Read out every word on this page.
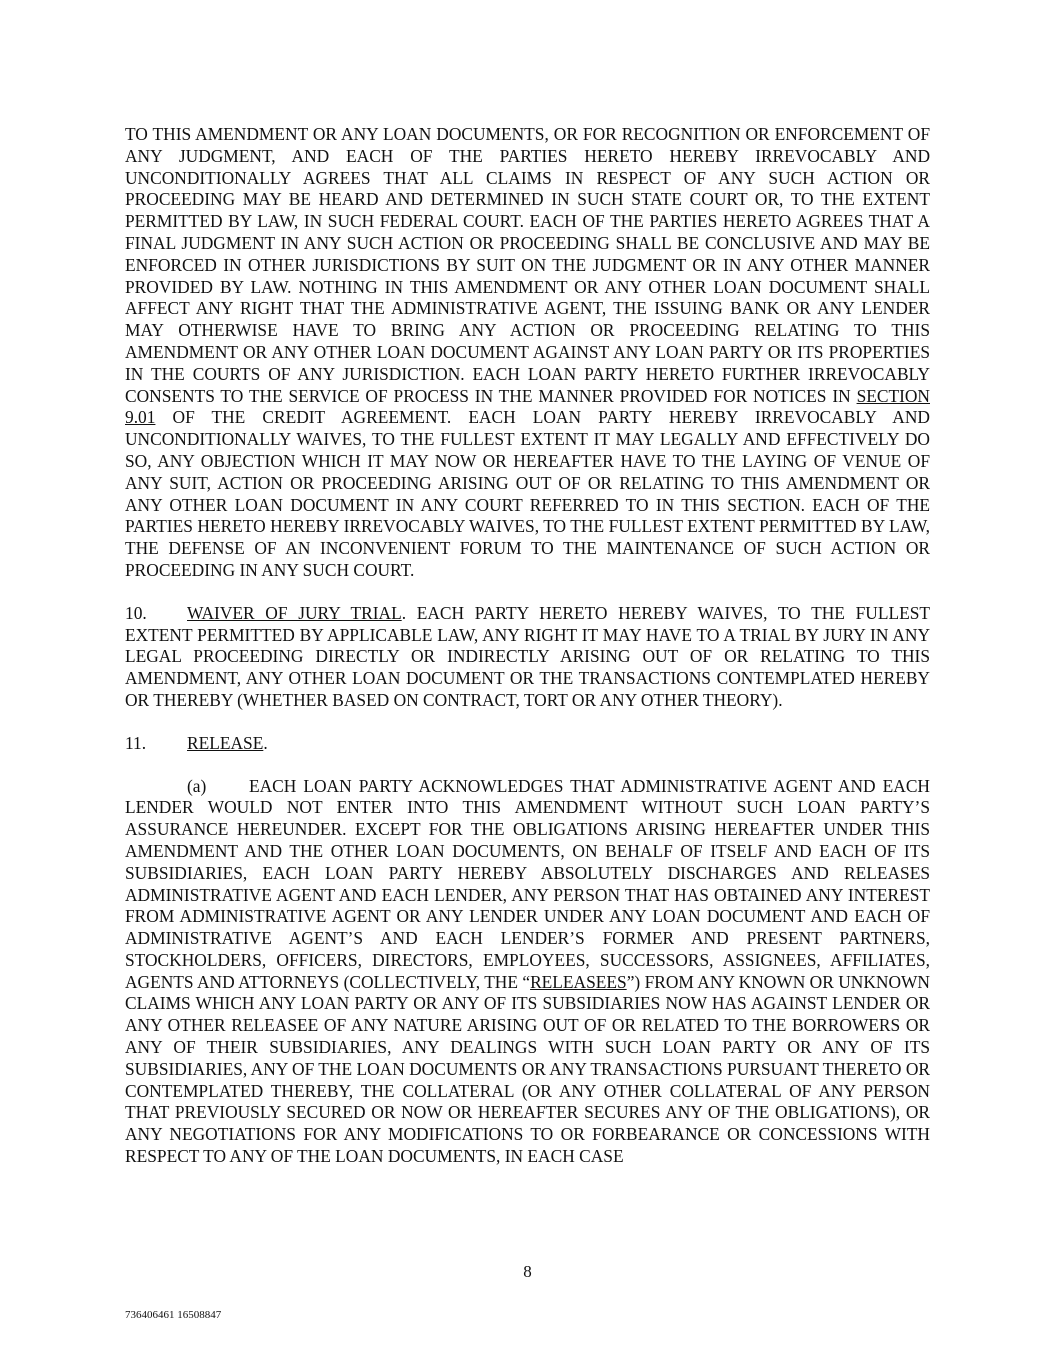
TO THIS AMENDMENT OR ANY LOAN DOCUMENTS, OR FOR RECOGNITION OR ENFORCEMENT OF ANY JUDGMENT, AND EACH OF THE PARTIES HERETO HEREBY IRREVOCABLY AND UNCONDITIONALLY AGREES THAT ALL CLAIMS IN RESPECT OF ANY SUCH ACTION OR PROCEEDING MAY BE HEARD AND DETERMINED IN SUCH STATE COURT OR, TO THE EXTENT PERMITTED BY LAW, IN SUCH FEDERAL COURT. EACH OF THE PARTIES HERETO AGREES THAT A FINAL JUDGMENT IN ANY SUCH ACTION OR PROCEEDING SHALL BE CONCLUSIVE AND MAY BE ENFORCED IN OTHER JURISDICTIONS BY SUIT ON THE JUDGMENT OR IN ANY OTHER MANNER PROVIDED BY LAW. NOTHING IN THIS AMENDMENT OR ANY OTHER LOAN DOCUMENT SHALL AFFECT ANY RIGHT THAT THE ADMINISTRATIVE AGENT, THE ISSUING BANK OR ANY LENDER MAY OTHERWISE HAVE TO BRING ANY ACTION OR PROCEEDING RELATING TO THIS AMENDMENT OR ANY OTHER LOAN DOCUMENT AGAINST ANY LOAN PARTY OR ITS PROPERTIES IN THE COURTS OF ANY JURISDICTION. EACH LOAN PARTY HERETO FURTHER IRREVOCABLY CONSENTS TO THE SERVICE OF PROCESS IN THE MANNER PROVIDED FOR NOTICES IN SECTION 9.01 OF THE CREDIT AGREEMENT. EACH LOAN PARTY HEREBY IRREVOCABLY AND UNCONDITIONALLY WAIVES, TO THE FULLEST EXTENT IT MAY LEGALLY AND EFFECTIVELY DO SO, ANY OBJECTION WHICH IT MAY NOW OR HEREAFTER HAVE TO THE LAYING OF VENUE OF ANY SUIT, ACTION OR PROCEEDING ARISING OUT OF OR RELATING TO THIS AMENDMENT OR ANY OTHER LOAN DOCUMENT IN ANY COURT REFERRED TO IN THIS SECTION. EACH OF THE PARTIES HERETO HEREBY IRREVOCABLY WAIVES, TO THE FULLEST EXTENT PERMITTED BY LAW, THE DEFENSE OF AN INCONVENIENT FORUM TO THE MAINTENANCE OF SUCH ACTION OR PROCEEDING IN ANY SUCH COURT.

10. WAIVER OF JURY TRIAL. EACH PARTY HERETO HEREBY WAIVES, TO THE FULLEST EXTENT PERMITTED BY APPLICABLE LAW, ANY RIGHT IT MAY HAVE TO A TRIAL BY JURY IN ANY LEGAL PROCEEDING DIRECTLY OR INDIRECTLY ARISING OUT OF OR RELATING TO THIS AMENDMENT, ANY OTHER LOAN DOCUMENT OR THE TRANSACTIONS CONTEMPLATED HEREBY OR THEREBY (WHETHER BASED ON CONTRACT, TORT OR ANY OTHER THEORY).

11. RELEASE.

(a) EACH LOAN PARTY ACKNOWLEDGES THAT ADMINISTRATIVE AGENT AND EACH LENDER WOULD NOT ENTER INTO THIS AMENDMENT WITHOUT SUCH LOAN PARTY’S ASSURANCE HEREUNDER. EXCEPT FOR THE OBLIGATIONS ARISING HEREAFTER UNDER THIS AMENDMENT AND THE OTHER LOAN DOCUMENTS, ON BEHALF OF ITSELF AND EACH OF ITS SUBSIDIARIES, EACH LOAN PARTY HEREBY ABSOLUTELY DISCHARGES AND RELEASES ADMINISTRATIVE AGENT AND EACH LENDER, ANY PERSON THAT HAS OBTAINED ANY INTEREST FROM ADMINISTRATIVE AGENT OR ANY LENDER UNDER ANY LOAN DOCUMENT AND EACH OF ADMINISTRATIVE AGENT’S AND EACH LENDER’S FORMER AND PRESENT PARTNERS, STOCKHOLDERS, OFFICERS, DIRECTORS, EMPLOYEES, SUCCESSORS, ASSIGNEES, AFFILIATES, AGENTS AND ATTORNEYS (COLLECTIVELY, THE “RELEASEES”) FROM ANY KNOWN OR UNKNOWN CLAIMS WHICH ANY LOAN PARTY OR ANY OF ITS SUBSIDIARIES NOW HAS AGAINST LENDER OR ANY OTHER RELEASEE OF ANY NATURE ARISING OUT OF OR RELATED TO THE BORROWERS OR ANY OF THEIR SUBSIDIARIES, ANY DEALINGS WITH SUCH LOAN PARTY OR ANY OF ITS SUBSIDIARIES, ANY OF THE LOAN DOCUMENTS OR ANY TRANSACTIONS PURSUANT THERETO OR CONTEMPLATED THEREBY, THE COLLATERAL (OR ANY OTHER COLLATERAL OF ANY PERSON THAT PREVIOUSLY SECURED OR NOW OR HEREAFTER SECURES ANY OF THE OBLIGATIONS), OR ANY NEGOTIATIONS FOR ANY MODIFICATIONS TO OR FORBEARANCE OR CONCESSIONS WITH RESPECT TO ANY OF THE LOAN DOCUMENTS, IN EACH CASE

8
736406461 16508847
